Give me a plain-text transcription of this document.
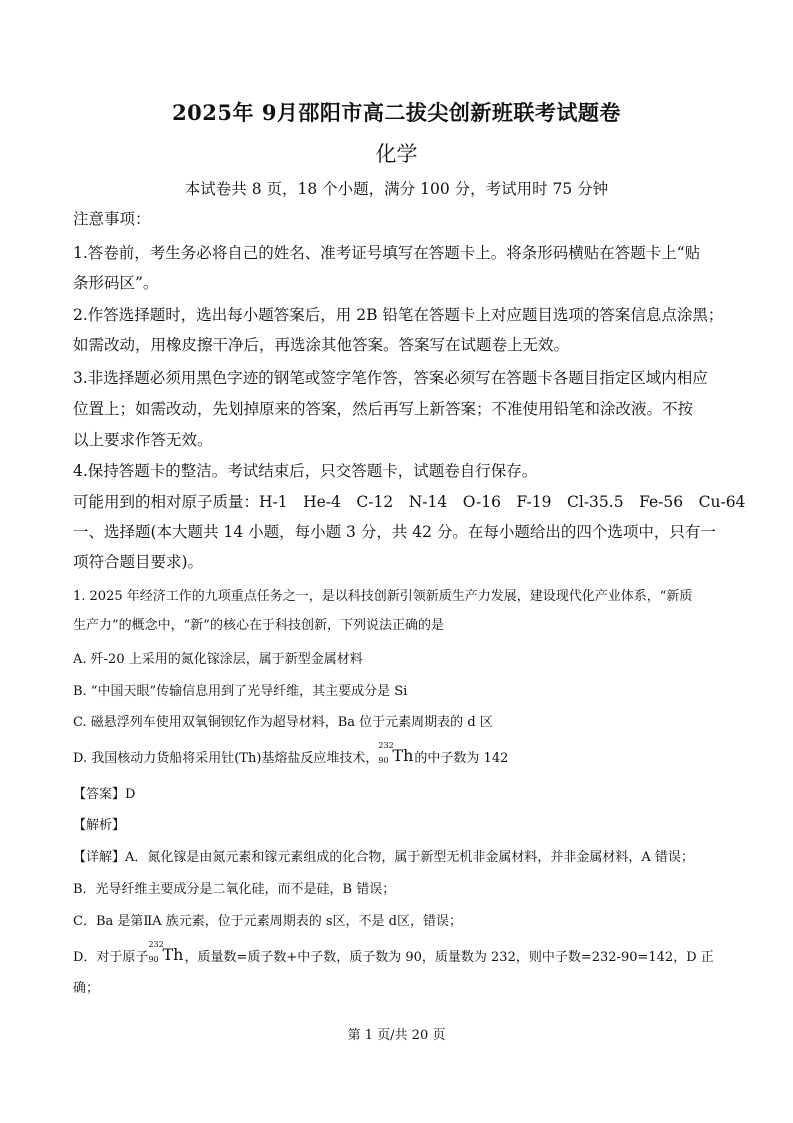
2025年 9月邵阳市高二拔尖创新班联考试题卷
化学
本试卷共 8 页，18 个小题，满分 100 分，考试用时 75 分钟
注意事项：
1.答卷前，考生务必将自己的姓名、准考证号填写在答题卡上。将条形码横贴在答题卡上“贴
条形码区”。
2.作答选择题时，选出每小题答案后，用 2B 铅笔在答题卡上对应题目选项的答案信息点涂黑；
如需改动，用橡皮擦干净后，再选涂其他答案。答案写在试题卷上无效。
3.非选择题必须用黑色字迹的钢笔或签字笔作答，答案必须写在答题卡各题目指定区域内相应
位置上；如需改动，先划掉原来的答案，然后再写上新答案；不准使用铅笔和涂改液。不按
以上要求作答无效。
4.保持答题卡的整洁。考试结束后，只交答题卡，试题卷自行保存。
可能用到的相对原子质量：H-1　He-4　C-12　N-14　O-16　F-19　Cl-35.5　Fe-56　Cu-64
一、选择题(本大题共 14 小题，每小题 3 分，共 42 分。在每小题给出的四个选项中，只有一
项符合题目要求)。
1. 2025 年经济工作的九项重点任务之一，是以科技创新引领新质生产力发展，建设现代化产业体系，“新质
生产力”的概念中，“新”的核心在于科技创新，下列说法正确的是
A. 歼-20 上采用的氮化镓涂层，属于新型金属材料
B. “中国天眼”传输信息用到了光导纤维，其主要成分是 Si
C. 磁悬浮列车使用双氧铜钡钇作为超导材料，Ba 位于元素周期表的 d 区
D. 我国核动力货船将采用钍(Th)基熔盐反应堆技术，
232
90 Th 的中子数为 142
【答案】D
【解析】
【详解】A．氮化镓是由氮元素和镓元素组成的化合物，属于新型无机非金属材料，并非金属材料，A 错误；
B．光导纤维主要成分是二氧化硅，而不是硅，B 错误；
C．Ba 是第ⅡA 族元素，位于元素周期表的 s区，不是 d区，错误；
D．对于原子
232
90 Th ，质量数=质子数+中子数，质子数为 90，质量数为 232，则中子数=232-90=142，D 正
确；
第 1 页/共 20 页
